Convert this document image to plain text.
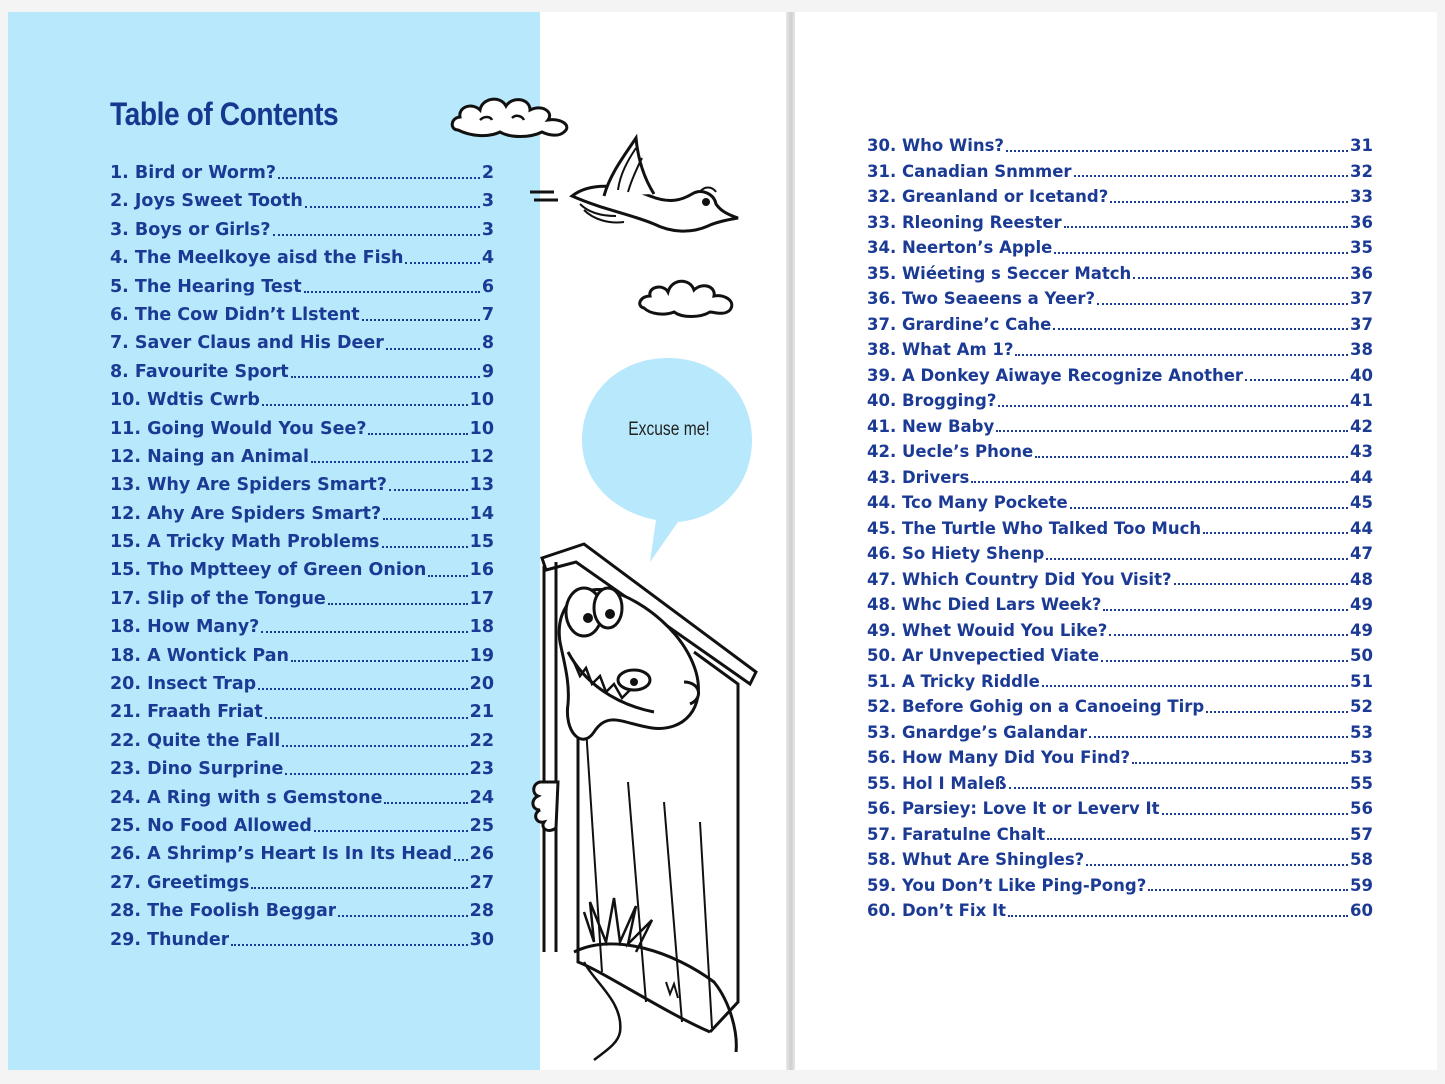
Table of Contents
1. Bird or Worm?	2
2. Joys Sweet Tooth	3
3. Boys or Girls?	3
4. The Meelkoye aisd the Fish	4
5. The Hearing Test	6
6. The Cow Didn’t Llstent	7
7. Saver Claus and His Deer	8
8. Favourite Sport	9
10. Wdtis Cwrb	10
11. Going Would You See?	10
12. Naing an Animal	12
13. Why Are Spiders Smart?	13
12. Ahy Are Spiders Smart?	14
15. A Tricky Math Problems	15
15. Tho Mptteey of Green Onion 16
17. Slip of the Tongue	17
18. How Many?	18
18. A Wontick Pan	19
20. Insect Trap	20
21. Fraath Friat	21
22. Quite the Fall	22
23. Dino Surprine	23
24. A Ring with s Gemstone	24
25. No Food Allowed	25
26. A Shrimp’s Heart Is In Its Head 26
27. Greetimgs	27
28. The Foolish Beggar	28
29. Thunder	30
Excuse me!
30. Who Wins?	31
31. Canadian Snmmer	32
32. Greanland or Icetand?	33
33. Rleoning Reester	36
34. Neerton’s Apple	35
35. Wiéeting s Seccer Match	36
36. Two Seaeens a Yeer?	37
37. Grardine’c Cahe	37
38. What Am 1?	38
39. A Donkey Aiwaye Recognize Another	40
40. Brogging?	41
41. New Baby	42
42. Uecle’s Phone	43
43. Drivers	44
44. Tco Many Pockete	45
45. The Turtle Who Talked Too Much	44
46. So Hiety Shenp	47
47. Which Country Did You Visit?	48
48. Whc Died Lars Week?	49
49. Whet Wouid You Like?	49
50. Ar Unvepectied Viate	50
51. A Tricky Riddle	51
52. Before Gohig on a Canoeing Tirp	52
53. Gnardge’s Galandar	53
56. How Many Did You Find?	53
55. Hol I Maleß	55
56. Parsiey: Love It or Leverv It	56
57. Faratulne Chalt	57
58. Whut Are Shingles?	58
59. You Don’t Like Ping-Pong?	59
60. Don’t Fix It	60
